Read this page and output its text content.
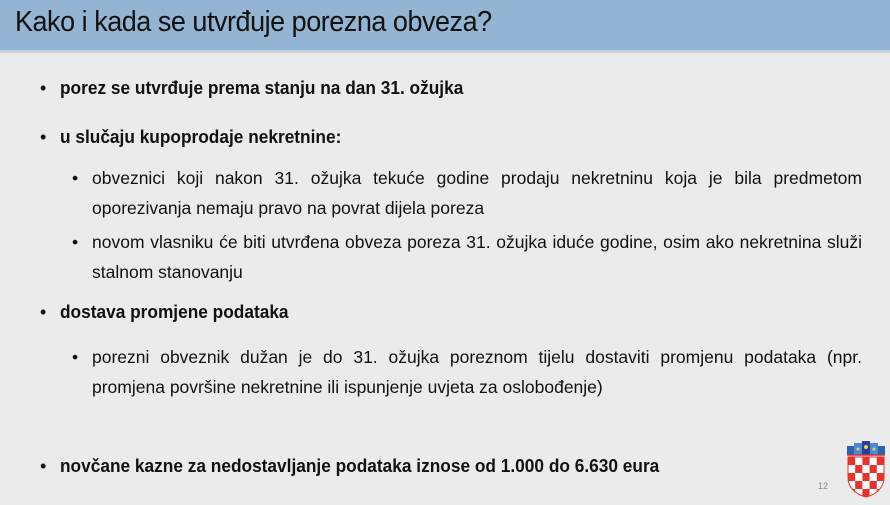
Kako i kada se utvrđuje porezna obveza?
• porez se utvrđuje prema stanju na dan 31. ožujka
• u slučaju kupoprodaje nekretnine:
• obveznici koji nakon 31. ožujka tekuće godine prodaju nekretninu koja je bila predmetom oporezivanja nemaju pravo na povrat dijela poreza
• novom vlasniku će biti utvrđena obveza poreza 31. ožujka iduće godine, osim ako nekretnina služi stalnom stanovanju
• dostava promjene podataka
• porezni obveznik dužan je do 31. ožujka poreznom tijelu dostaviti promjenu podataka (npr. promjena površine nekretnine ili ispunjenje uvjeta za oslobođenje)
• novčane kazne za nedostavljanje podataka iznose od 1.000 do 6.630 eura
12
